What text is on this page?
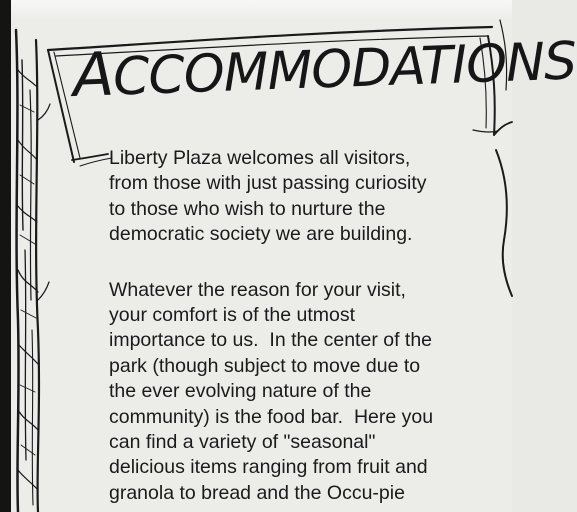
ACCOMMODATIONS

Liberty Plaza welcomes all visitors,
from those with just passing curiosity
to those who wish to nurture the
democratic society we are building.

Whatever the reason for your visit,
your comfort is of the utmost
importance to us.  In the center of the
park (though subject to move due to
the ever evolving nature of the
community) is the food bar.  Here you
can find a variety of "seasonal"
delicious items ranging from fruit and
granola to bread and the Occu-pie
